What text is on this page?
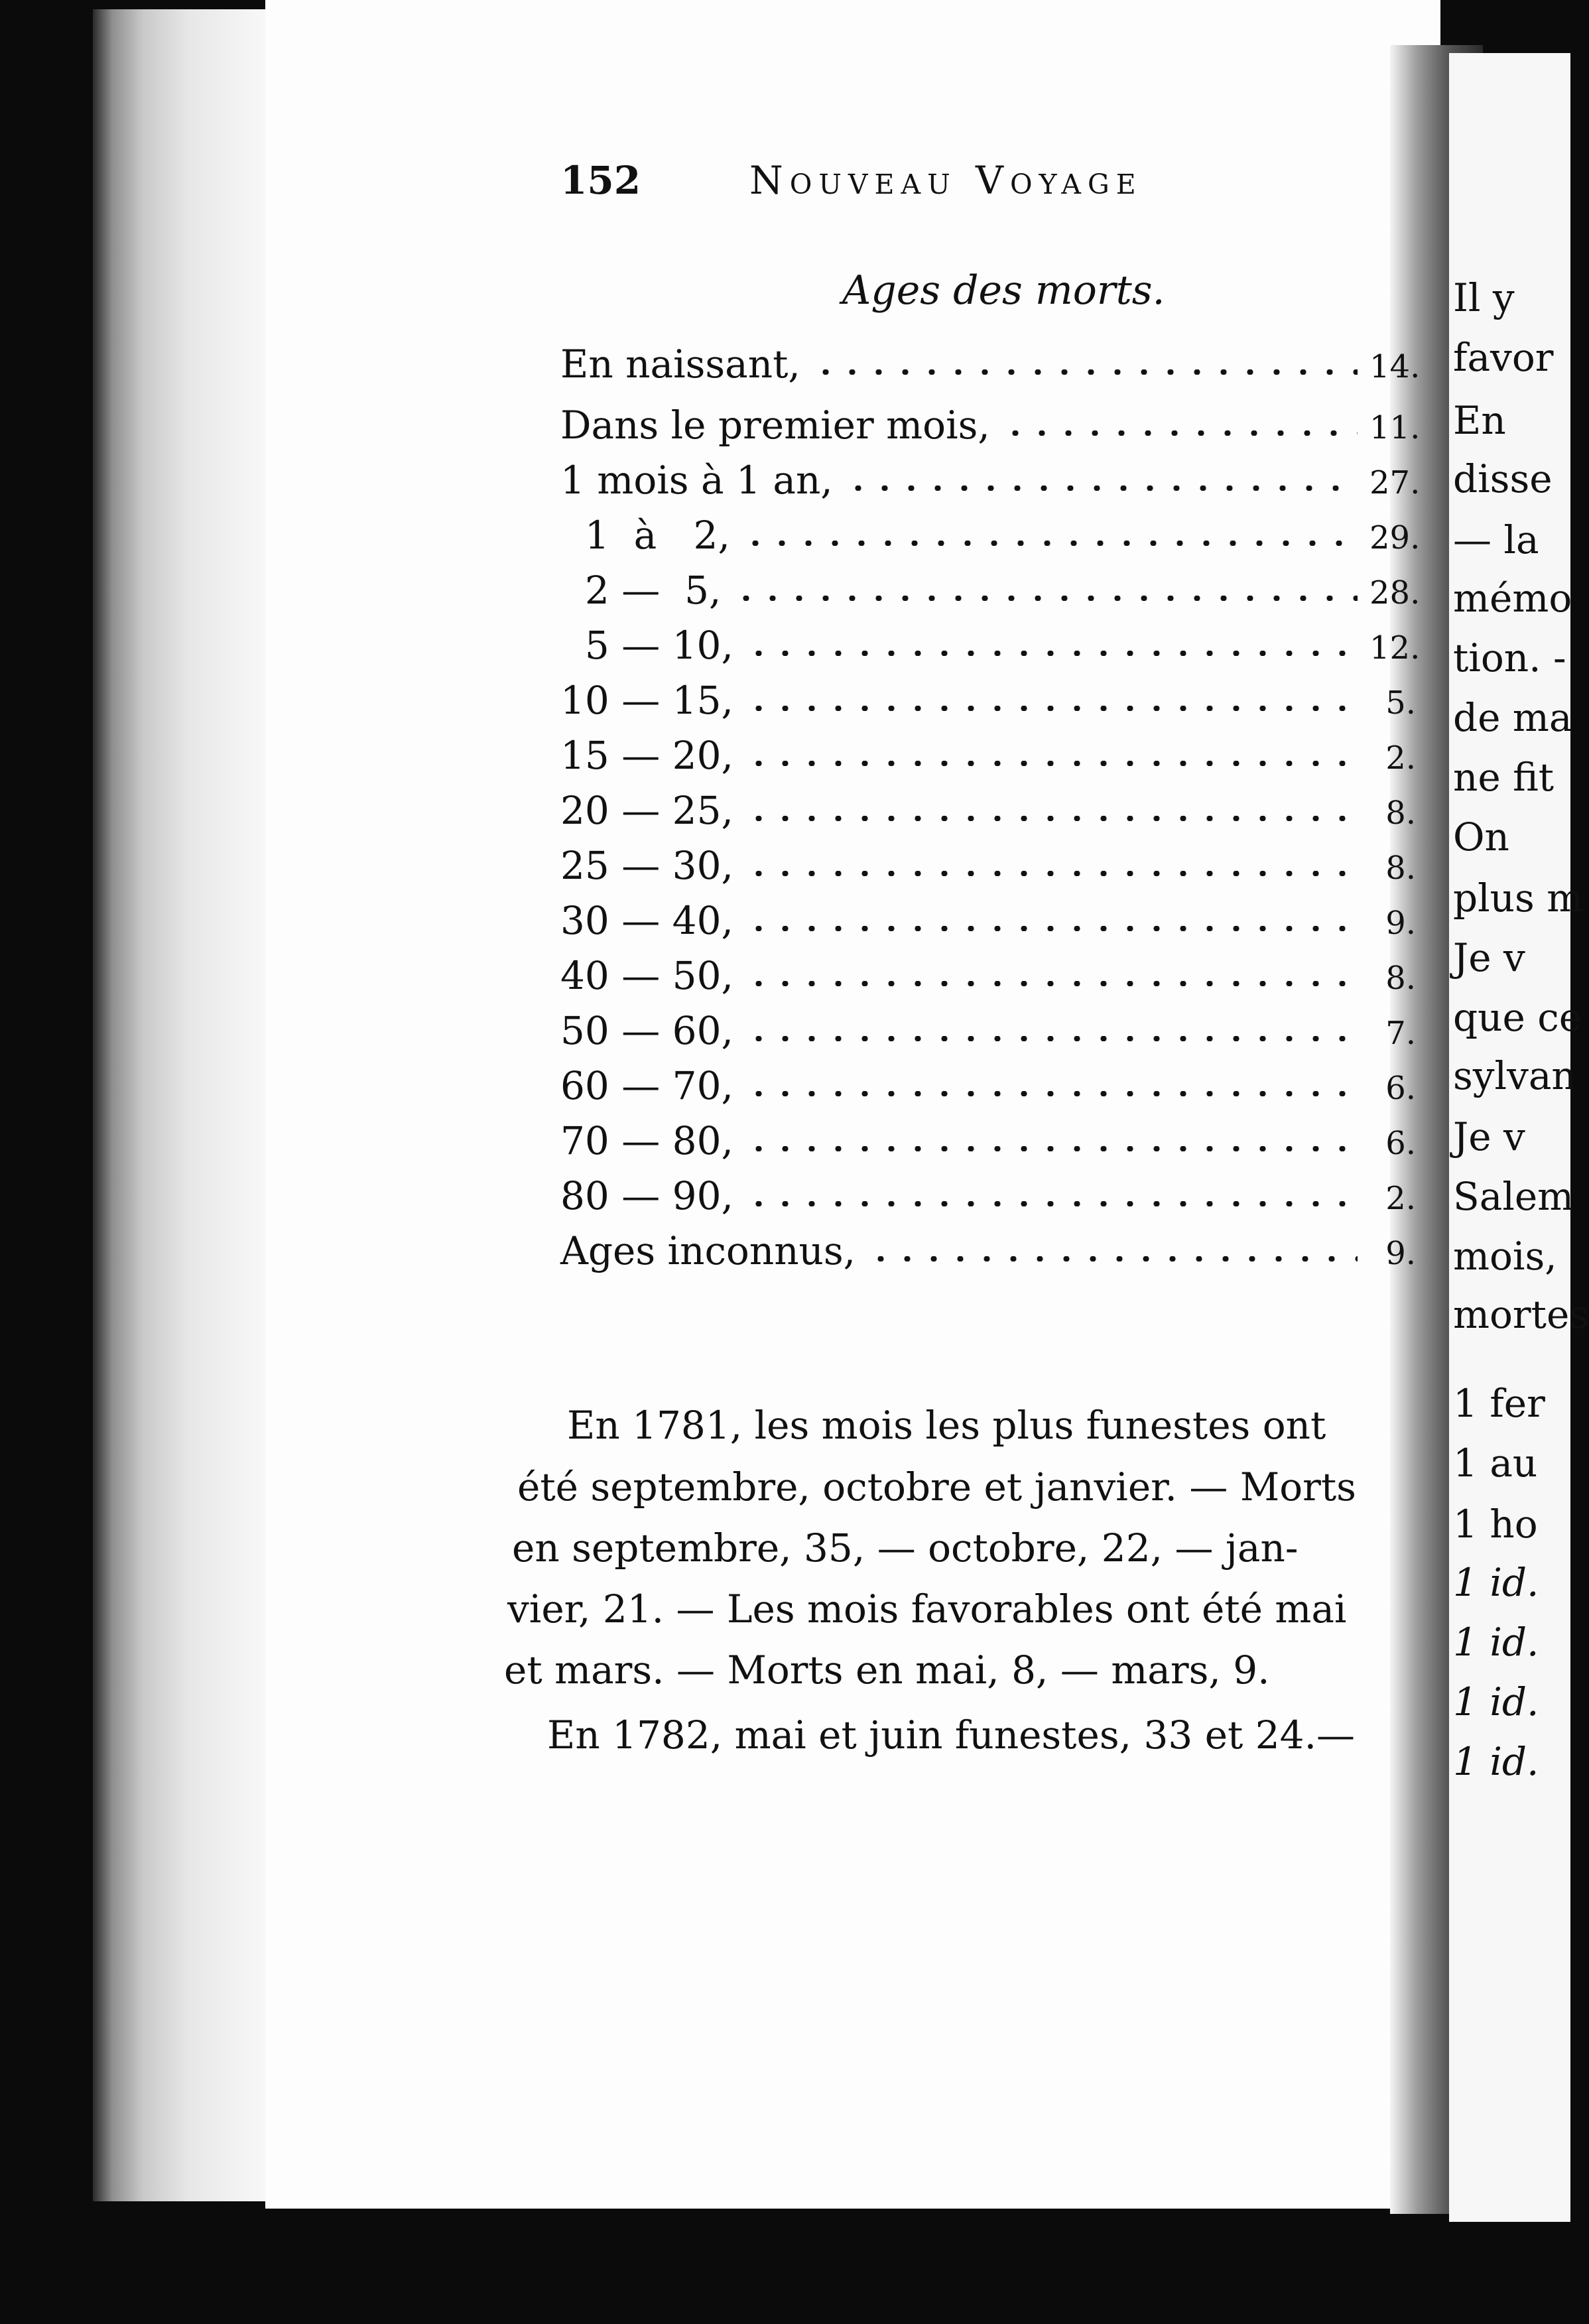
Il y
favor
En
disse
— la
mémo
tion. -
de ma
ne fit
On
plus m
Je v
que ce
sylvan
Je v
Salem
mois,
mortes
1 fer
1 au
1 ho
1 id.
1 id.
1 id.
1 id.
152	Nouveau Voyage
Ages des morts.
En naissant,	14.
Dans le premier mois,	11.
1 mois à 1 an,	27.
1  à   2,	29.
2 —  5,	28.
5 — 10,	12.
10 — 15,	5.
15 — 20,	2.
20 — 25,	8.
25 — 30,	8.
30 — 40,	9.
40 — 50,	8.
50 — 60,	7.
60 — 70,	6.
70 — 80,	6.
80 — 90,	2.
Ages inconnus,	9.
En 1781, les mois les plus funestes ont
été septembre, octobre et janvier. — Morts
en septembre, 35, — octobre, 22, — jan-
vier, 21. — Les mois favorables ont été mai
et mars. — Morts en mai, 8, — mars, 9.
En 1782, mai et juin funestes, 33 et 24.—
